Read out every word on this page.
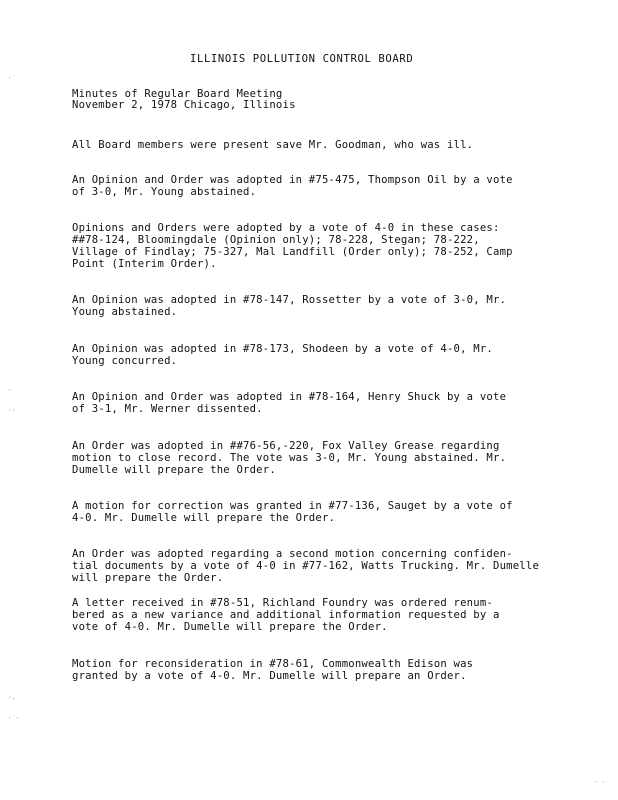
ILLINOIS POLLUTION CONTROL BOARD
Minutes of Regular Board Meeting
November 2, 1978 Chicago, Illinois
All Board members were present save Mr. Goodman, who was ill.
An Opinion and Order was adopted in #75-475, Thompson Oil by a vote
of 3-0, Mr. Young abstained.
Opinions and Orders were adopted by a vote of 4-0 in these cases:
##78-124, Bloomingdale (Opinion only); 78-228, Stegan; 78-222,
Village of Findlay; 75-327, Mal Landfill (Order only); 78-252, Camp
Point (Interim Order).
An Opinion was adopted in #78-147, Rossetter by a vote of 3-0, Mr.
Young abstained.
An Opinion was adopted in #78-173, Shodeen by a vote of 4-0, Mr.
Young concurred.
An Opinion and Order was adopted in #78-164, Henry Shuck by a vote
of 3-1, Mr. Werner dissented.
An Order was adopted in ##76-56,-220, Fox Valley Grease regarding
motion to close record. The vote was 3-0, Mr. Young abstained. Mr.
Dumelle will prepare the Order.
A motion for correction was granted in #77-136, Sauget by a vote of
4-0. Mr. Dumelle will prepare the Order.
An Order was adopted regarding a second motion concerning confiden-
tial documents by a vote of 4-0 in #77-162, Watts Trucking. Mr. Dumelle
will prepare the Order.
A letter received in #78-51, Richland Foundry was ordered renum-
bered as a new variance and additional information requested by a
vote of 4-0. Mr. Dumelle will prepare the Order.
Motion for reconsideration in #78-61, Commonwealth Edison was
granted by a vote of 4-0. Mr. Dumelle will prepare an Order.
·˙
·
··
·.
·˙·
· ·
